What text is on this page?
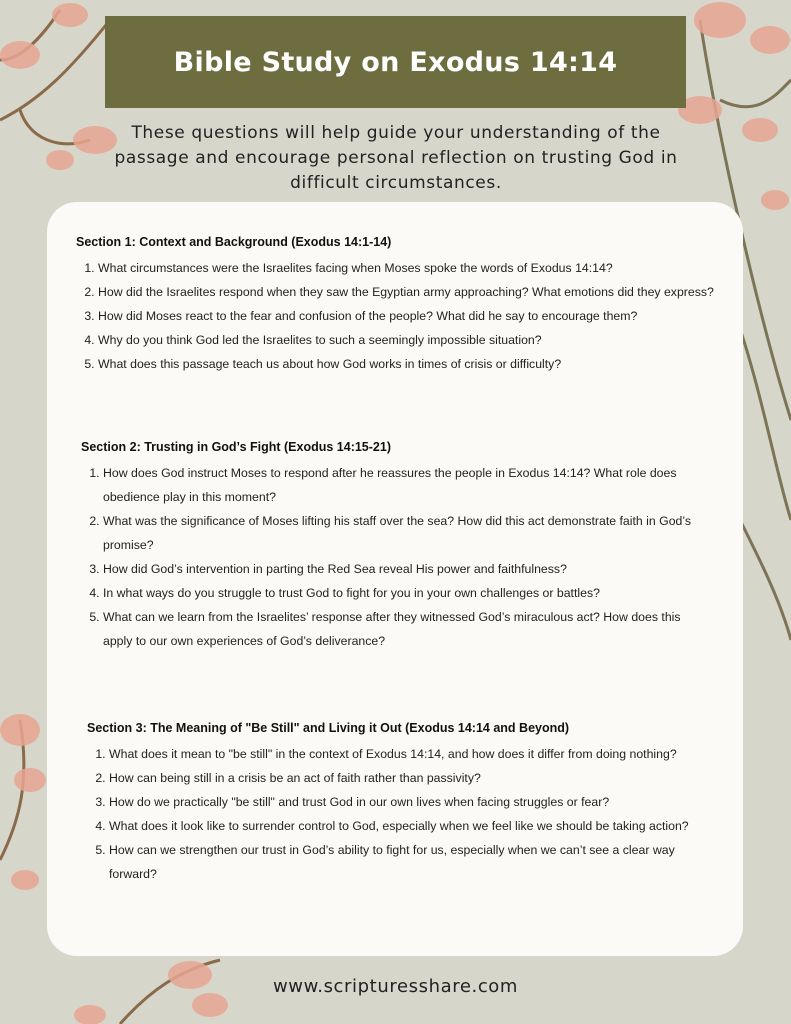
Bible Study on Exodus 14:14

These questions will help guide your understanding of the passage and encourage personal reflection on trusting God in difficult circumstances.

Section 1: Context and Background (Exodus 14:1-14)

1. What circumstances were the Israelites facing when Moses spoke the words of Exodus 14:14?
2. How did the Israelites respond when they saw the Egyptian army approaching? What emotions did they express?
3. How did Moses react to the fear and confusion of the people? What did he say to encourage them?
4. Why do you think God led the Israelites to such a seemingly impossible situation?
5. What does this passage teach us about how God works in times of crisis or difficulty?

Section 2: Trusting in God’s Fight (Exodus 14:15-21)

1. How does God instruct Moses to respond after he reassures the people in Exodus 14:14? What role does obedience play in this moment?
2. What was the significance of Moses lifting his staff over the sea? How did this act demonstrate faith in God’s promise?
3. How did God’s intervention in parting the Red Sea reveal His power and faithfulness?
4. In what ways do you struggle to trust God to fight for you in your own challenges or battles?
5. What can we learn from the Israelites’ response after they witnessed God’s miraculous act? How does this apply to our own experiences of God’s deliverance?

Section 3: The Meaning of "Be Still" and Living it Out (Exodus 14:14 and Beyond)

1. What does it mean to "be still" in the context of Exodus 14:14, and how does it differ from doing nothing?
2. How can being still in a crisis be an act of faith rather than passivity?
3. How do we practically "be still" and trust God in our own lives when facing struggles or fear?
4. What does it look like to surrender control to God, especially when we feel like we should be taking action?
5. How can we strengthen our trust in God’s ability to fight for us, especially when we can’t see a clear way forward?
www.scripturesshare.com
